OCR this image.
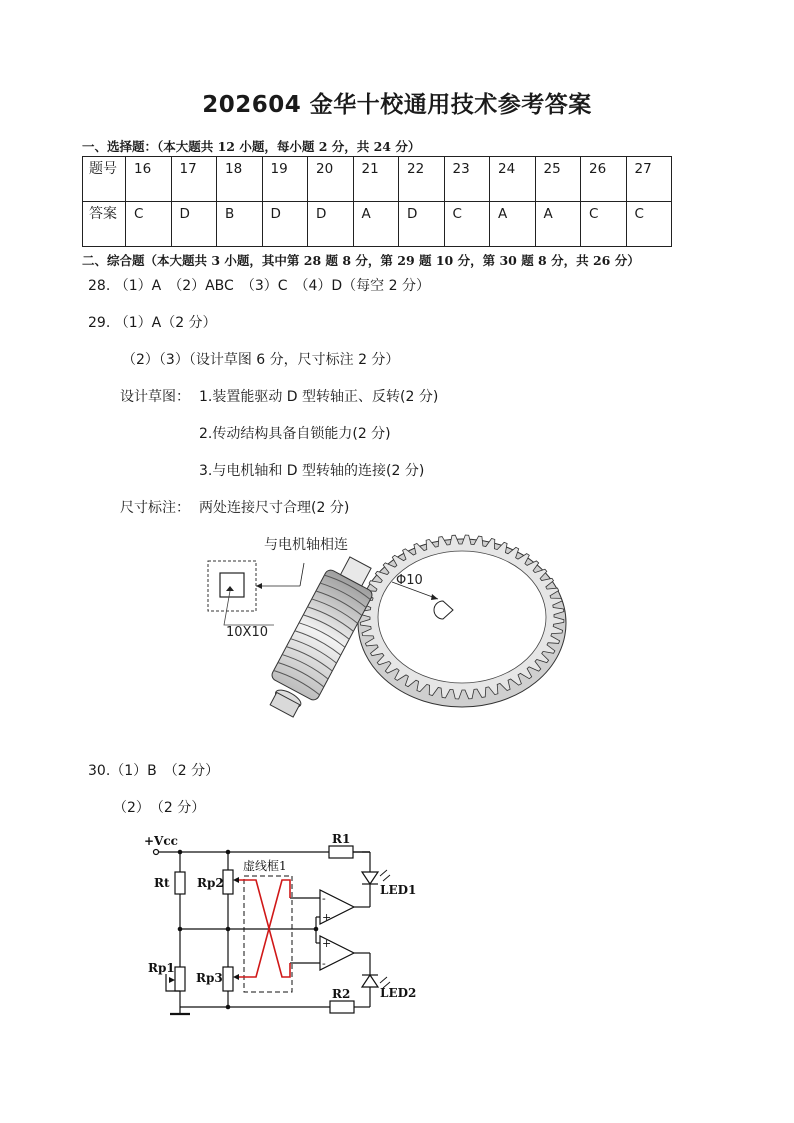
202604 金华十校通用技术参考答案
一、选择题：（本大题共 12 小题，每小题 2 分，共 24 分）
题号	16	17	18	19	20	21	22	23	24	25	26	27
答案	C	D	B	D	D	A	D	C	A	A	C	C
二、综合题（本大题共 3 小题，其中第 28 题 8 分，第 29 题 10 分，第 30 题 8 分，共 26 分）
28. （1）A　（2）ABC　（3）C　（4）D（每空 2 分）
29. （1）A（2 分）
（2）（3）（设计草图 6 分，尺寸标注 2 分）
设计草图： 1.装置能驱动 D 型转轴正、反转(2 分)
2.传动结构具备自锁能力(2 分)
3.与电机轴和 D 型转轴的连接(2 分)
尺寸标注： 两处连接尺寸合理(2 分)
Φ10
10X10
与电机轴相连
30.（1）B　（2 分）
（2）　（2 分）
+Vcc	R1
R2
Rt
Rp1
Rp2
Rp3
虚线框1
LED1
LED2
-
+
+
-
